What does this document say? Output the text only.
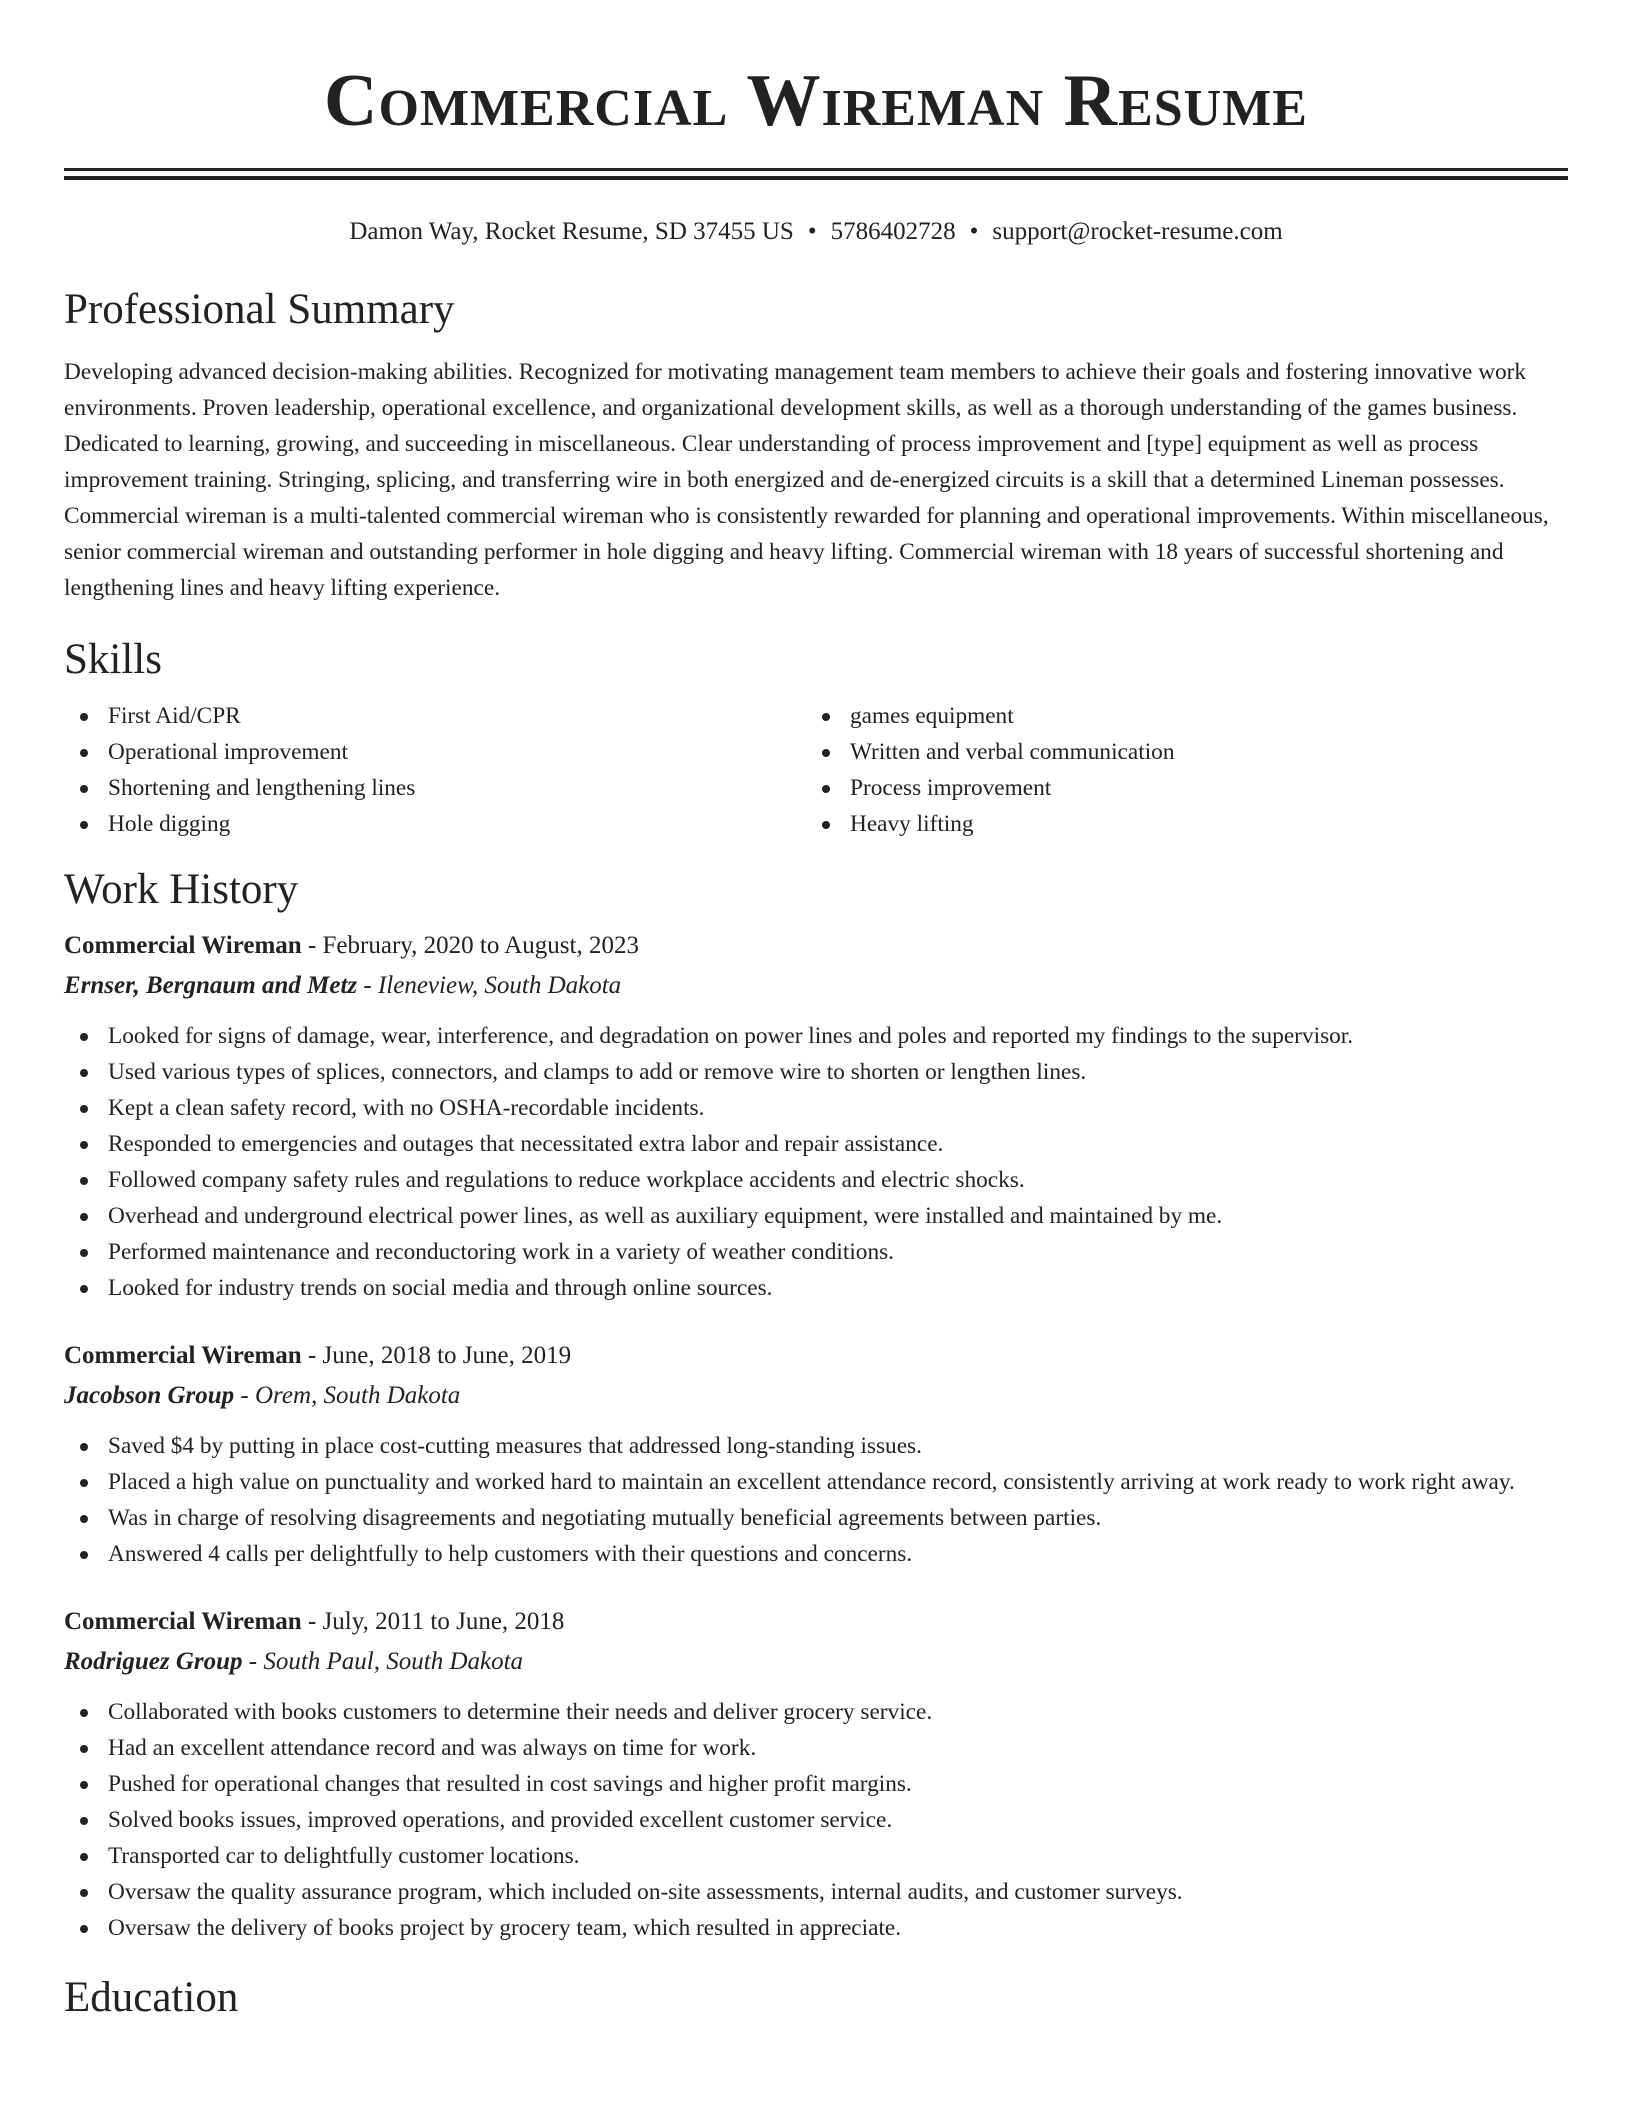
Commercial Wireman Resume
Damon Way, Rocket Resume, SD 37455 US • 5786402728 • support@rocket-resume.com
Professional Summary

Developing advanced decision-making abilities. Recognized for motivating management team members to achieve their goals and fostering innovative work environments. Proven leadership, operational excellence, and organizational development skills, as well as a thorough understanding of the games business. Dedicated to learning, growing, and succeeding in miscellaneous. Clear understanding of process improvement and [type] equipment as well as process improvement training. Stringing, splicing, and transferring wire in both energized and de-energized circuits is a skill that a determined Lineman possesses. Commercial wireman is a multi-talented commercial wireman who is consistently rewarded for planning and operational improvements. Within miscellaneous, senior commercial wireman and outstanding performer in hole digging and heavy lifting. Commercial wireman with 18 years of successful shortening and lengthening lines and heavy lifting experience.

Skills
First Aid/CPR
Operational improvement
Shortening and lengthening lines
Hole digging
games equipment
Written and verbal communication
Process improvement
Heavy lifting
Work History
Commercial Wireman - February, 2020 to August, 2023
Ernser, Bergnaum and Metz - Ileneview, South Dakota
Looked for signs of damage, wear, interference, and degradation on power lines and poles and reported my findings to the supervisor.
Used various types of splices, connectors, and clamps to add or remove wire to shorten or lengthen lines.
Kept a clean safety record, with no OSHA-recordable incidents.
Responded to emergencies and outages that necessitated extra labor and repair assistance.
Followed company safety rules and regulations to reduce workplace accidents and electric shocks.
Overhead and underground electrical power lines, as well as auxiliary equipment, were installed and maintained by me.
Performed maintenance and reconductoring work in a variety of weather conditions.
Looked for industry trends on social media and through online sources.
Commercial Wireman - June, 2018 to June, 2019
Jacobson Group - Orem, South Dakota
Saved $4 by putting in place cost-cutting measures that addressed long-standing issues.
Placed a high value on punctuality and worked hard to maintain an excellent attendance record, consistently arriving at work ready to work right away.
Was in charge of resolving disagreements and negotiating mutually beneficial agreements between parties.
Answered 4 calls per delightfully to help customers with their questions and concerns.
Commercial Wireman - July, 2011 to June, 2018
Rodriguez Group - South Paul, South Dakota
Collaborated with books customers to determine their needs and deliver grocery service.
Had an excellent attendance record and was always on time for work.
Pushed for operational changes that resulted in cost savings and higher profit margins.
Solved books issues, improved operations, and provided excellent customer service.
Transported car to delightfully customer locations.
Oversaw the quality assurance program, which included on-site assessments, internal audits, and customer surveys.
Oversaw the delivery of books project by grocery team, which resulted in appreciate.
Education
